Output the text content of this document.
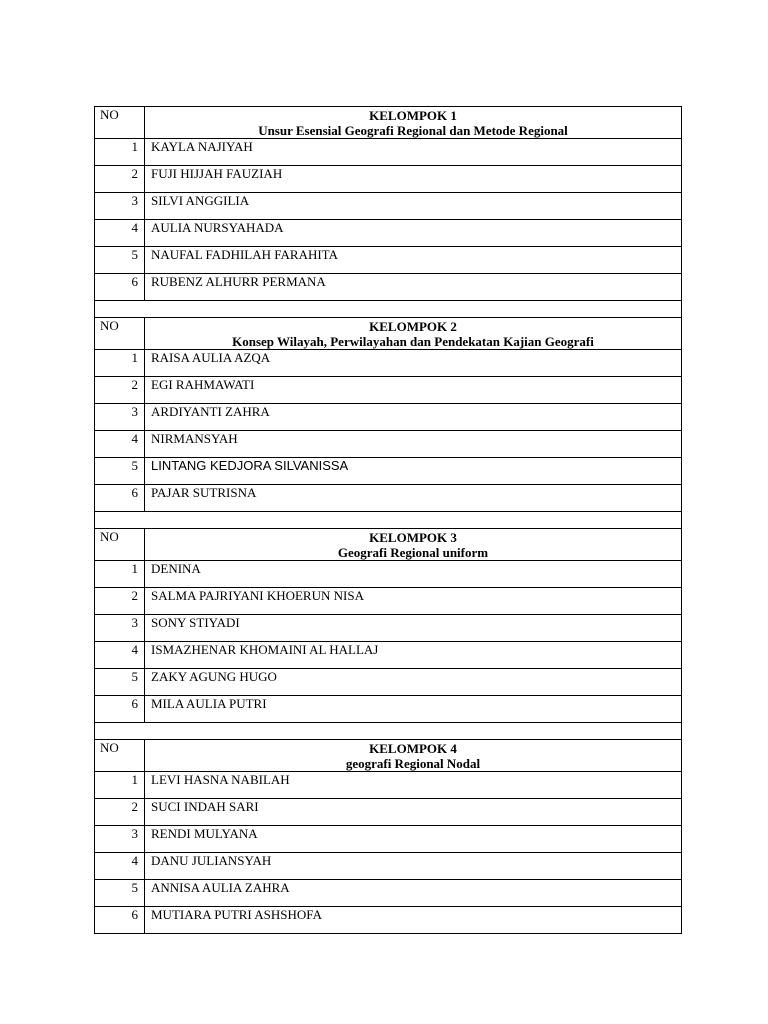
NO	KELOMPOK 1
Unsur Esensial Geografi Regional dan Metode Regional

1	KAYLA NAJIYAH
2	FUJI HIJJAH FAUZIAH
3	SILVI ANGGILIA
4	AULIA NURSYAHADA
5	NAUFAL FADHILAH FARAHITA
6	RUBENZ ALHURR PERMANA

NO	KELOMPOK 2
Konsep Wilayah, Perwilayahan dan Pendekatan Kajian Geografi

1	RAISA AULIA AZQA
2	EGI RAHMAWATI
3	ARDIYANTI ZAHRA
4	NIRMANSYAH
5	LINTANG KEDJORA SILVANISSA
6	PAJAR SUTRISNA

NO	KELOMPOK 3
Geografi Regional uniform

1	DENINA
2	SALMA PAJRIYANI KHOERUN NISA
3	SONY STIYADI
4	ISMAZHENAR KHOMAINI AL HALLAJ
5	ZAKY AGUNG HUGO
6	MILA AULIA PUTRI

NO	KELOMPOK 4
geografi Regional Nodal

1	LEVI HASNA NABILAH
2	SUCI INDAH SARI
3	RENDI MULYANA
4	DANU JULIANSYAH
5	ANNISA AULIA ZAHRA
6	MUTIARA PUTRI ASHSHOFA
